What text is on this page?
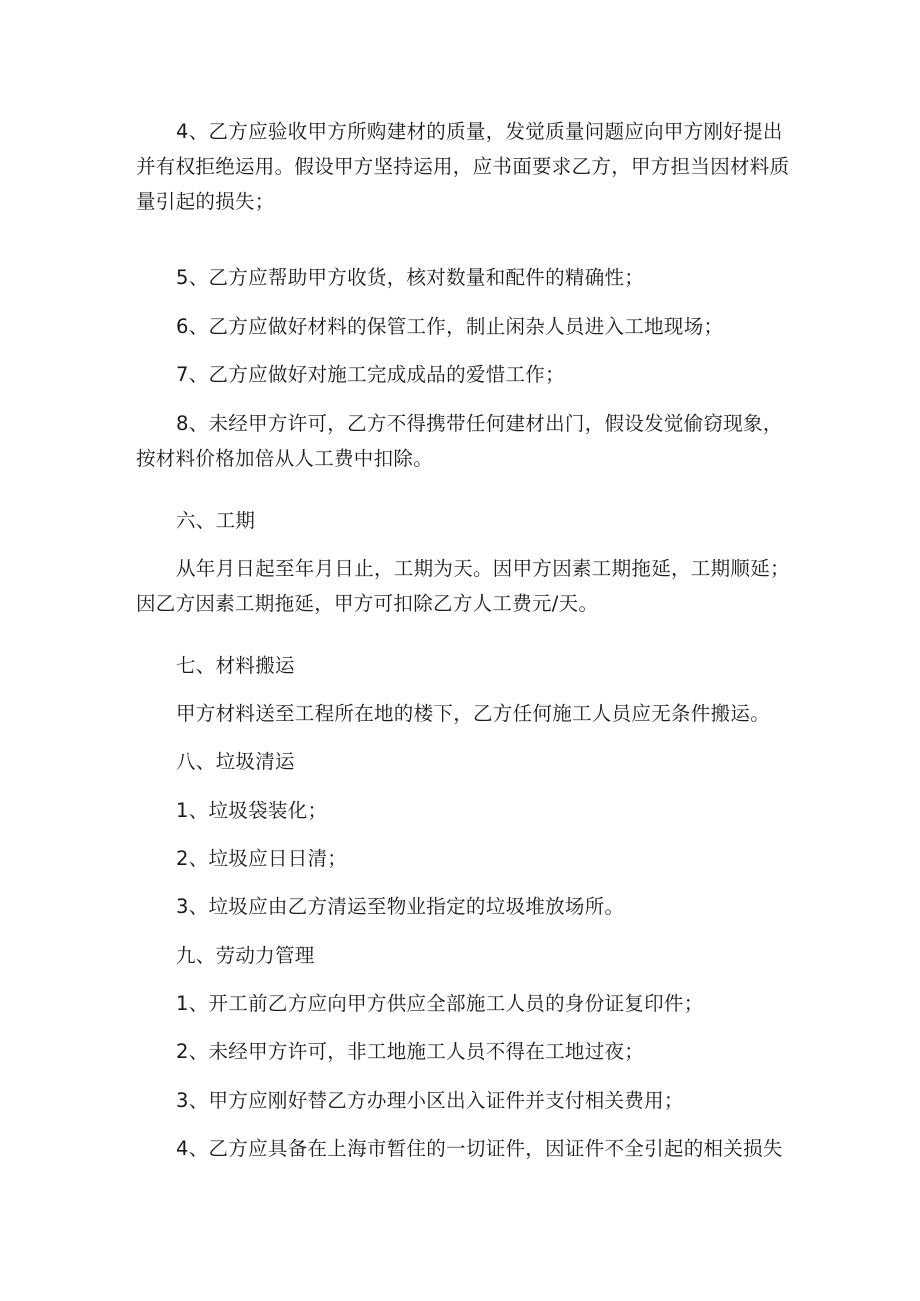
4、乙方应验收甲方所购建材的质量，发觉质量问题应向甲方刚好提出
并有权拒绝运用。假设甲方坚持运用，应书面要求乙方，甲方担当因材料质
量引起的损失；
5、乙方应帮助甲方收货，核对数量和配件的精确性；
6、乙方应做好材料的保管工作，制止闲杂人员进入工地现场；
7、乙方应做好对施工完成成品的爱惜工作；
8、未经甲方许可，乙方不得携带任何建材出门，假设发觉偷窃现象，
按材料价格加倍从人工费中扣除。
六、工期
从年月日起至年月日止，工期为天。因甲方因素工期拖延，工期顺延；
因乙方因素工期拖延，甲方可扣除乙方人工费元/天。
七、材料搬运
甲方材料送至工程所在地的楼下，乙方任何施工人员应无条件搬运。
八、垃圾清运
1、垃圾袋装化；
2、垃圾应日日清；
3、垃圾应由乙方清运至物业指定的垃圾堆放场所。
九、劳动力管理
1、开工前乙方应向甲方供应全部施工人员的身份证复印件；
2、未经甲方许可，非工地施工人员不得在工地过夜；
3、甲方应刚好替乙方办理小区出入证件并支付相关费用；
4、乙方应具备在上海市暂住的一切证件，因证件不全引起的相关损失
